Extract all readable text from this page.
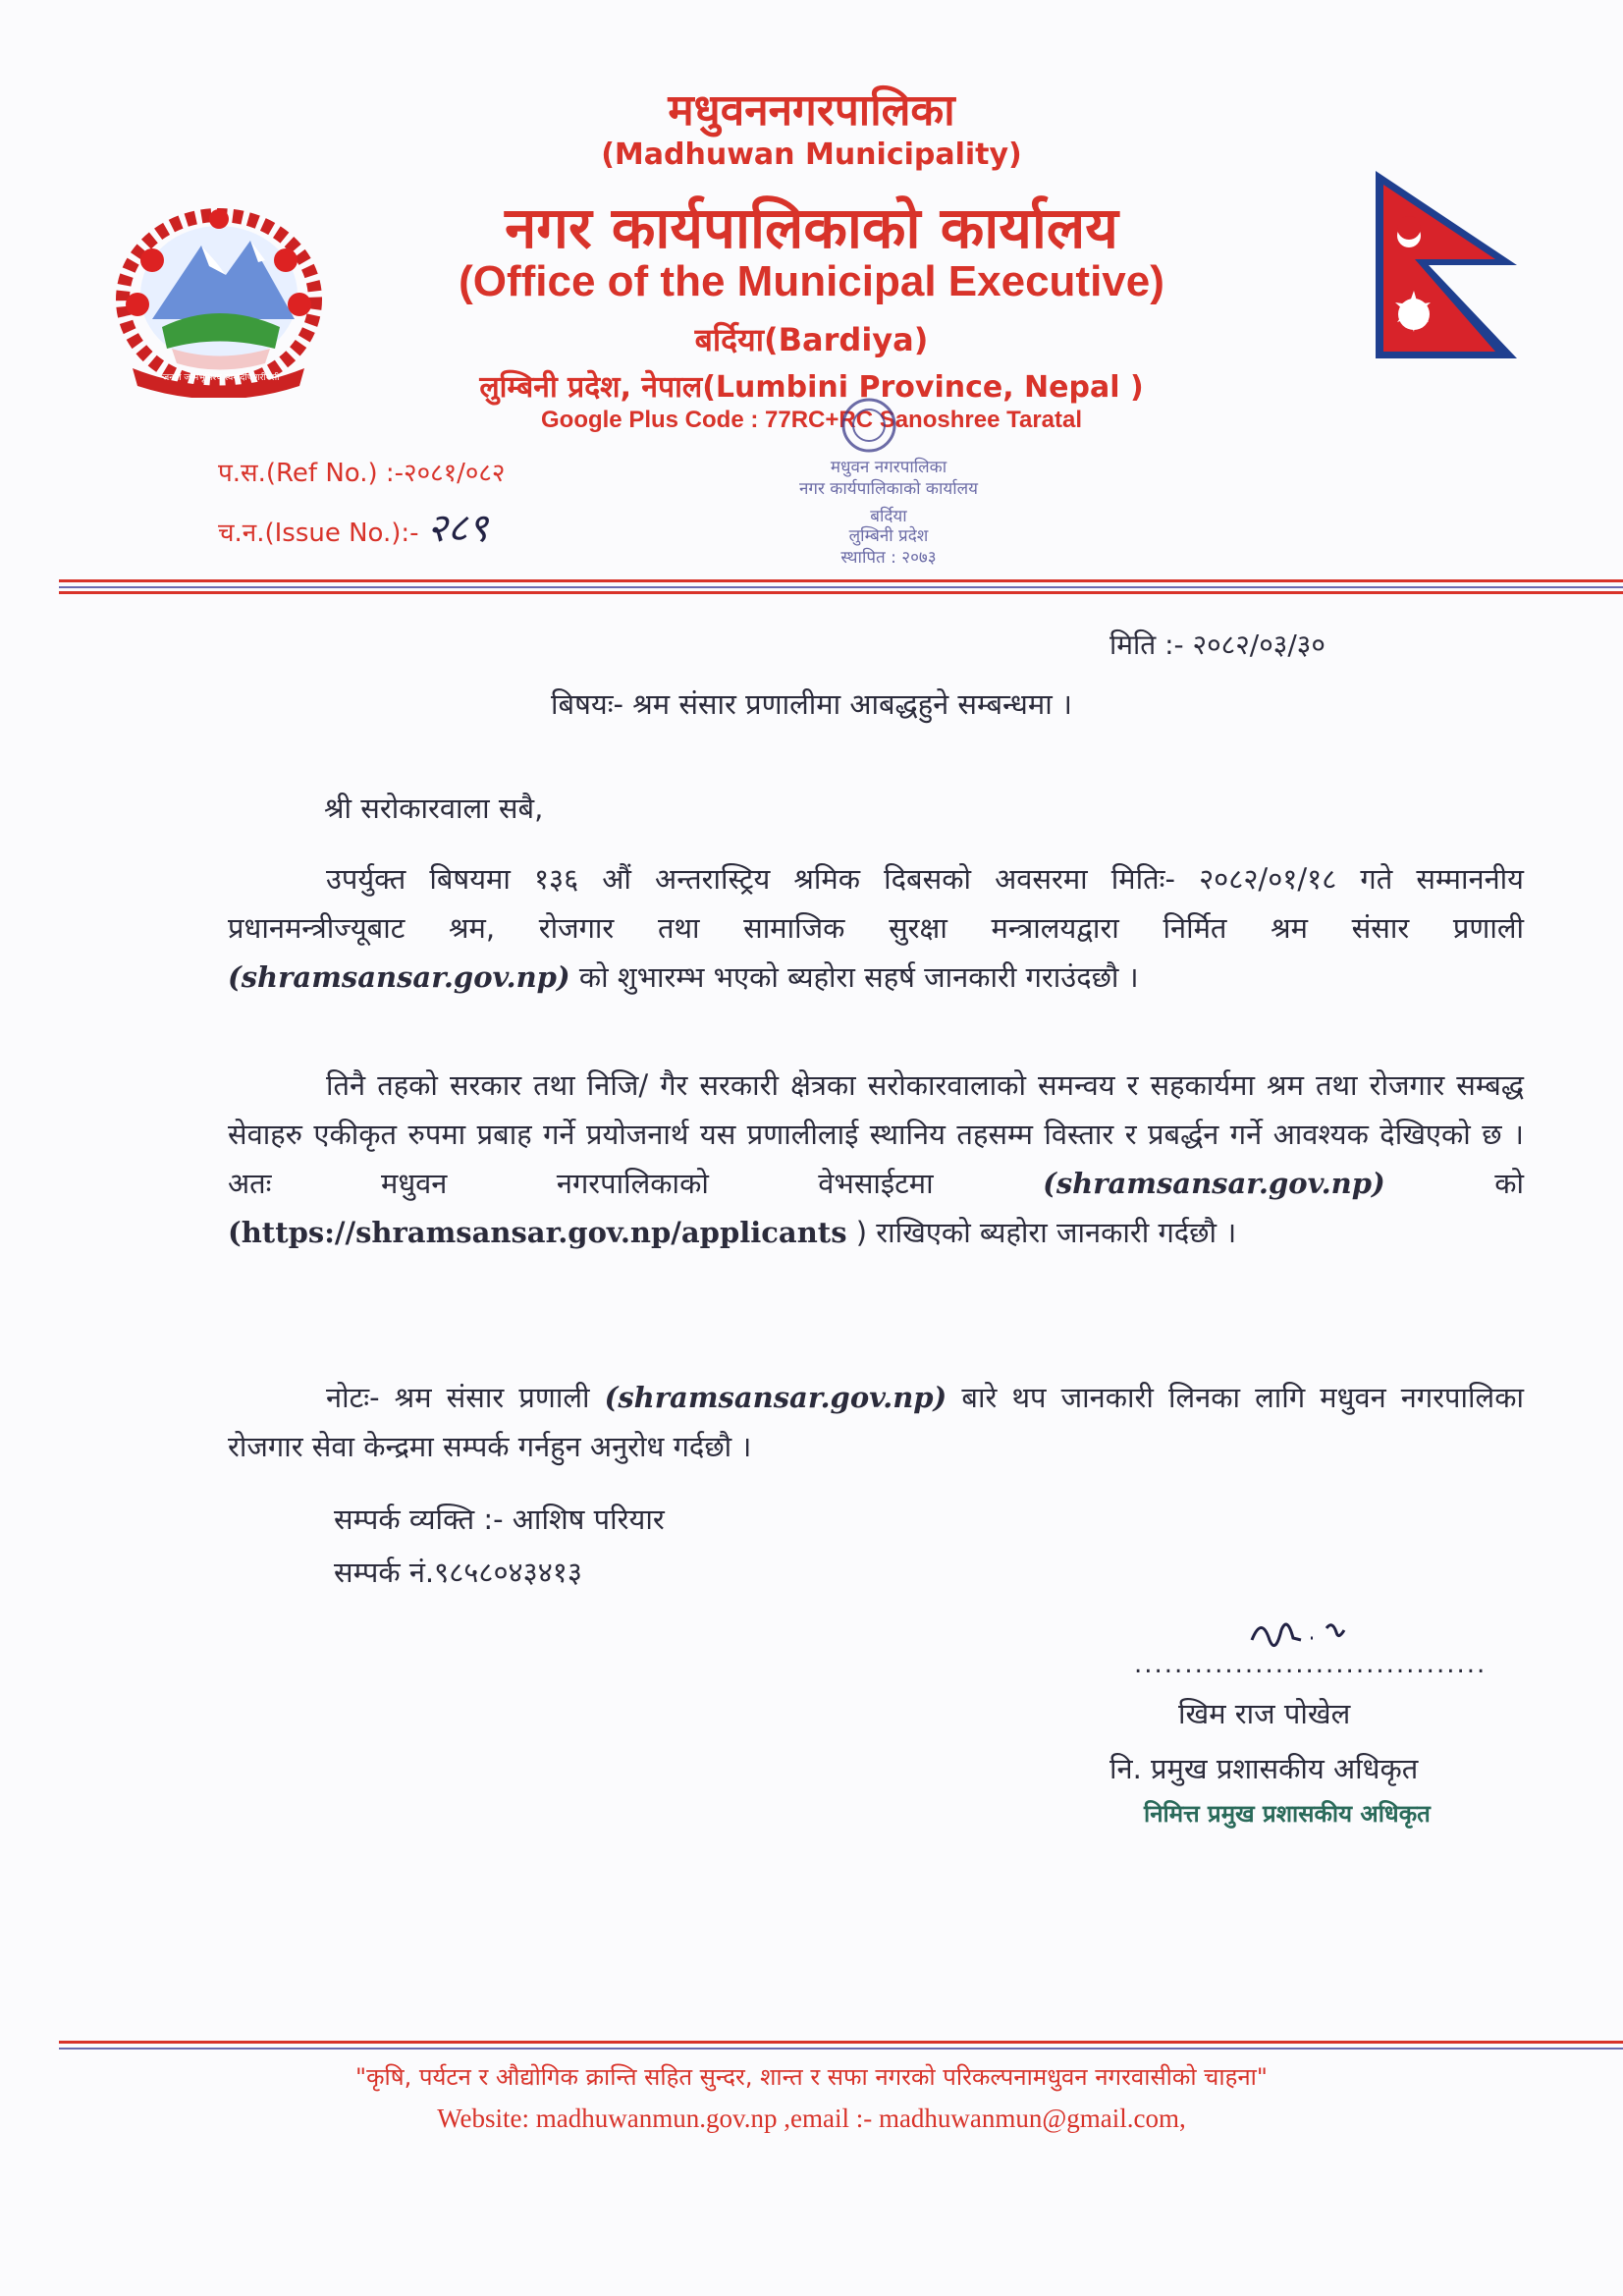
जननी जन्मभूमिश्च स्वर्गादपि गरीयसी
मधुवननगरपालिका
(Madhuwan Municipality)
नगर कार्यपालिकाको कार्यालय
(Office of the Municipal Executive)
बर्दिया(Bardiya)
लुम्बिनी प्रदेश, नेपाल(Lumbini Province, Nepal )
Google Plus Code : 77RC+RC Sanoshree Taratal
प.स.(Ref No.) :-२०८१/०८२
च.न.(Issue No.):- २८९
मधुवन नगरपालिका
नगर कार्यपालिकाको कार्यालय
बर्दिया
लुम्बिनी प्रदेश
स्थापित : २०७३
मिति :- २०८२/०३/३०
बिषयः- श्रम संसार प्रणालीमा आबद्धहुने सम्बन्धमा ।
श्री सरोकारवाला सबै,
उपर्युक्त बिषयमा १३६ औं अन्तरास्ट्रिय श्रमिक दिबसको अवसरमा मितिः- २०८२/०१/१८ गते सम्माननीय प्रधानमन्त्रीज्यूबाट श्रम, रोजगार तथा सामाजिक सुरक्षा मन्त्रालयद्वारा निर्मित श्रम संसार प्रणाली (shramsansar.gov.np) को शुभारम्भ भएको ब्यहोरा सहर्ष जानकारी गराउंदछौ ।
तिनै तहको सरकार तथा निजि/ गैर सरकारी क्षेत्रका सरोकारवालाको समन्वय र सहकार्यमा श्रम तथा रोजगार सम्बद्ध सेवाहरु एकीकृत रुपमा प्रबाह गर्ने प्रयोजनार्थ यस प्रणालीलाई स्थानिय तहसम्म विस्तार र प्रबर्द्धन गर्ने आवश्यक देखिएको छ ।अतः मधुवन नगरपालिकाको वेभसाईटमा	(shramsansar.gov.np)	को (https://shramsansar.gov.np/applicants ) राखिएको ब्यहोरा जानकारी गर्दछौ ।
नोटः- श्रम संसार प्रणाली (shramsansar.gov.np) बारे थप जानकारी लिनका लागि मधुवन नगरपालिका रोजगार सेवा केन्द्रमा सम्पर्क गर्नहुन अनुरोध गर्दछौ ।
सम्पर्क व्यक्ति :- आशिष परियार
सम्पर्क नं.९८५८०४३४१३
...................................
खिम राज पोखेल
नि. प्रमुख प्रशासकीय अधिकृत
निमित्त प्रमुख प्रशासकीय अधिकृत
"कृषि, पर्यटन र औद्योगिक क्रान्ति सहित सुन्दर, शान्त र सफा नगरको परिकल्पनामधुवन नगरवासीको चाहना"
Website: madhuwanmun.gov.np ,email :- madhuwanmun@gmail.com,
